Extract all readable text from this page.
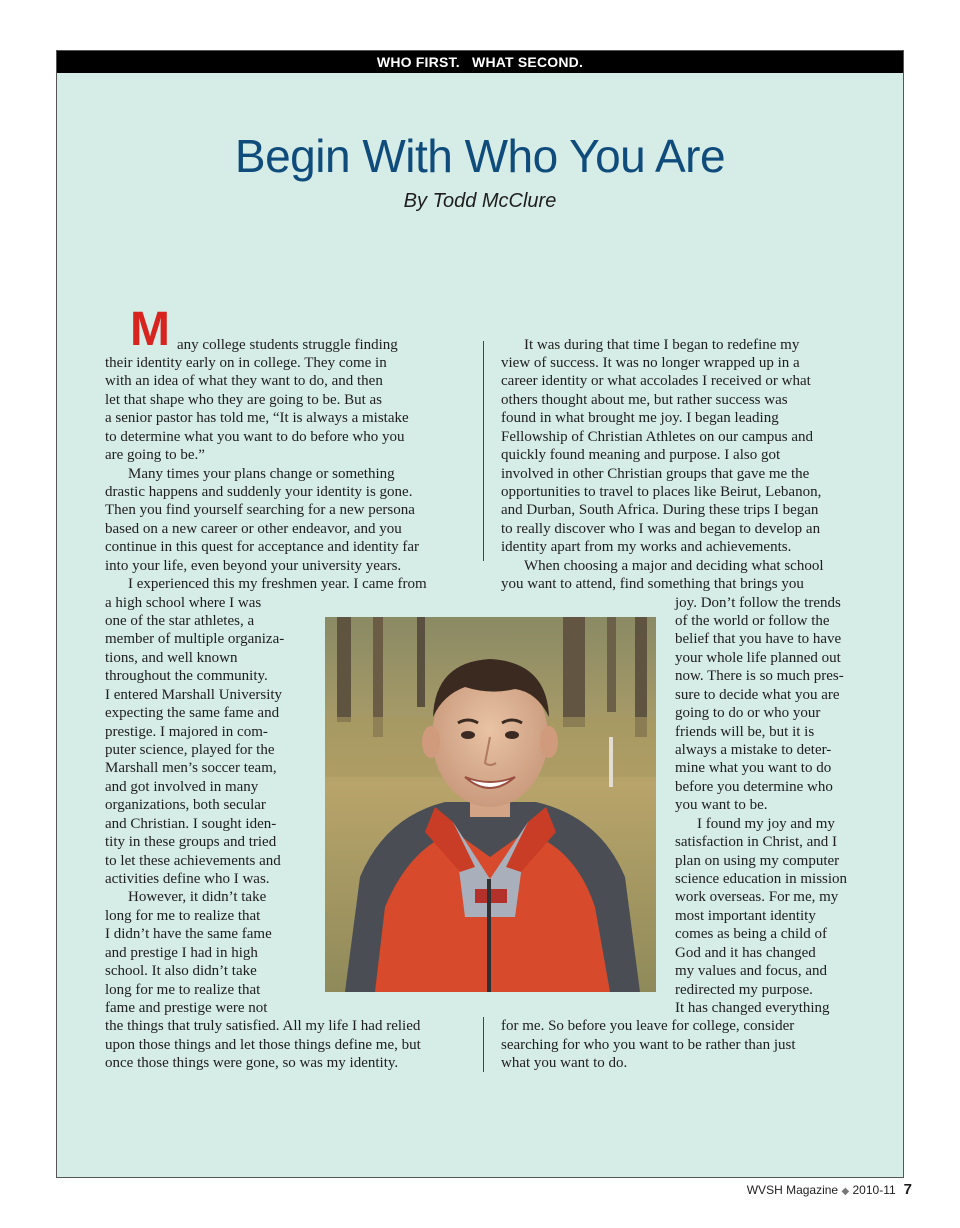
WHO FIRST.   WHAT SECOND.
Begin With Who You Are
By Todd McClure
M any college students struggle finding
their identity early on in college. They come in
with an idea of what they want to do, and then
let that shape who they are going to be. But as
a senior pastor has told me, “It is always a mistake
to determine what you want to do before who you
are going to be.”
Many times your plans change or something
drastic happens and suddenly your identity is gone.
Then you find yourself searching for a new persona
based on a new career or other endeavor, and you
continue in this quest for acceptance and identity far
into your life, even beyond your university years.
I experienced this my freshmen year. I came from
a high school where I was
one of the star athletes, a
member of multiple organiza-
tions, and well known
throughout the community.
I entered Marshall University
expecting the same fame and
prestige. I majored in com-
puter science, played for the
Marshall men’s soccer team,
and got involved in many
organizations, both secular
and Christian. I sought iden-
tity in these groups and tried
to let these achievements and
activities define who I was.
However, it didn’t take
long for me to realize that
I didn’t have the same fame
and prestige I had in high
school. It also didn’t take
long for me to realize that
fame and prestige were not
the things that truly satisfied. All my life I had relied
upon those things and let those things define me, but
once those things were gone, so was my identity.
It was during that time I began to redefine my
view of success. It was no longer wrapped up in a
career identity or what accolades I received or what
others thought about me, but rather success was
found in what brought me joy. I began leading
Fellowship of Christian Athletes on our campus and
quickly found meaning and purpose. I also got
involved in other Christian groups that gave me the
opportunities to travel to places like Beirut, Lebanon,
and Durban, South Africa. During these trips I began
to really discover who I was and began to develop an
identity apart from my works and achievements.
When choosing a major and deciding what school
you want to attend, find something that brings you
joy. Don’t follow the trends
of the world or follow the
belief that you have to have
your whole life planned out
now. There is so much pres-
sure to decide what you are
going to do or who your
friends will be, but it is
always a mistake to deter-
mine what you want to do
before you determine who
you want to be.
I found my joy and my
satisfaction in Christ, and I
plan on using my computer
science education in mission
work overseas. For me, my
most important identity
comes as being a child of
God and it has changed
my values and focus, and
redirected my purpose.
It has changed everything
for me. So before you leave for college, consider
searching for who you want to be rather than just
what you want to do.
WVSH Magazine ◆ 2010-11 7
